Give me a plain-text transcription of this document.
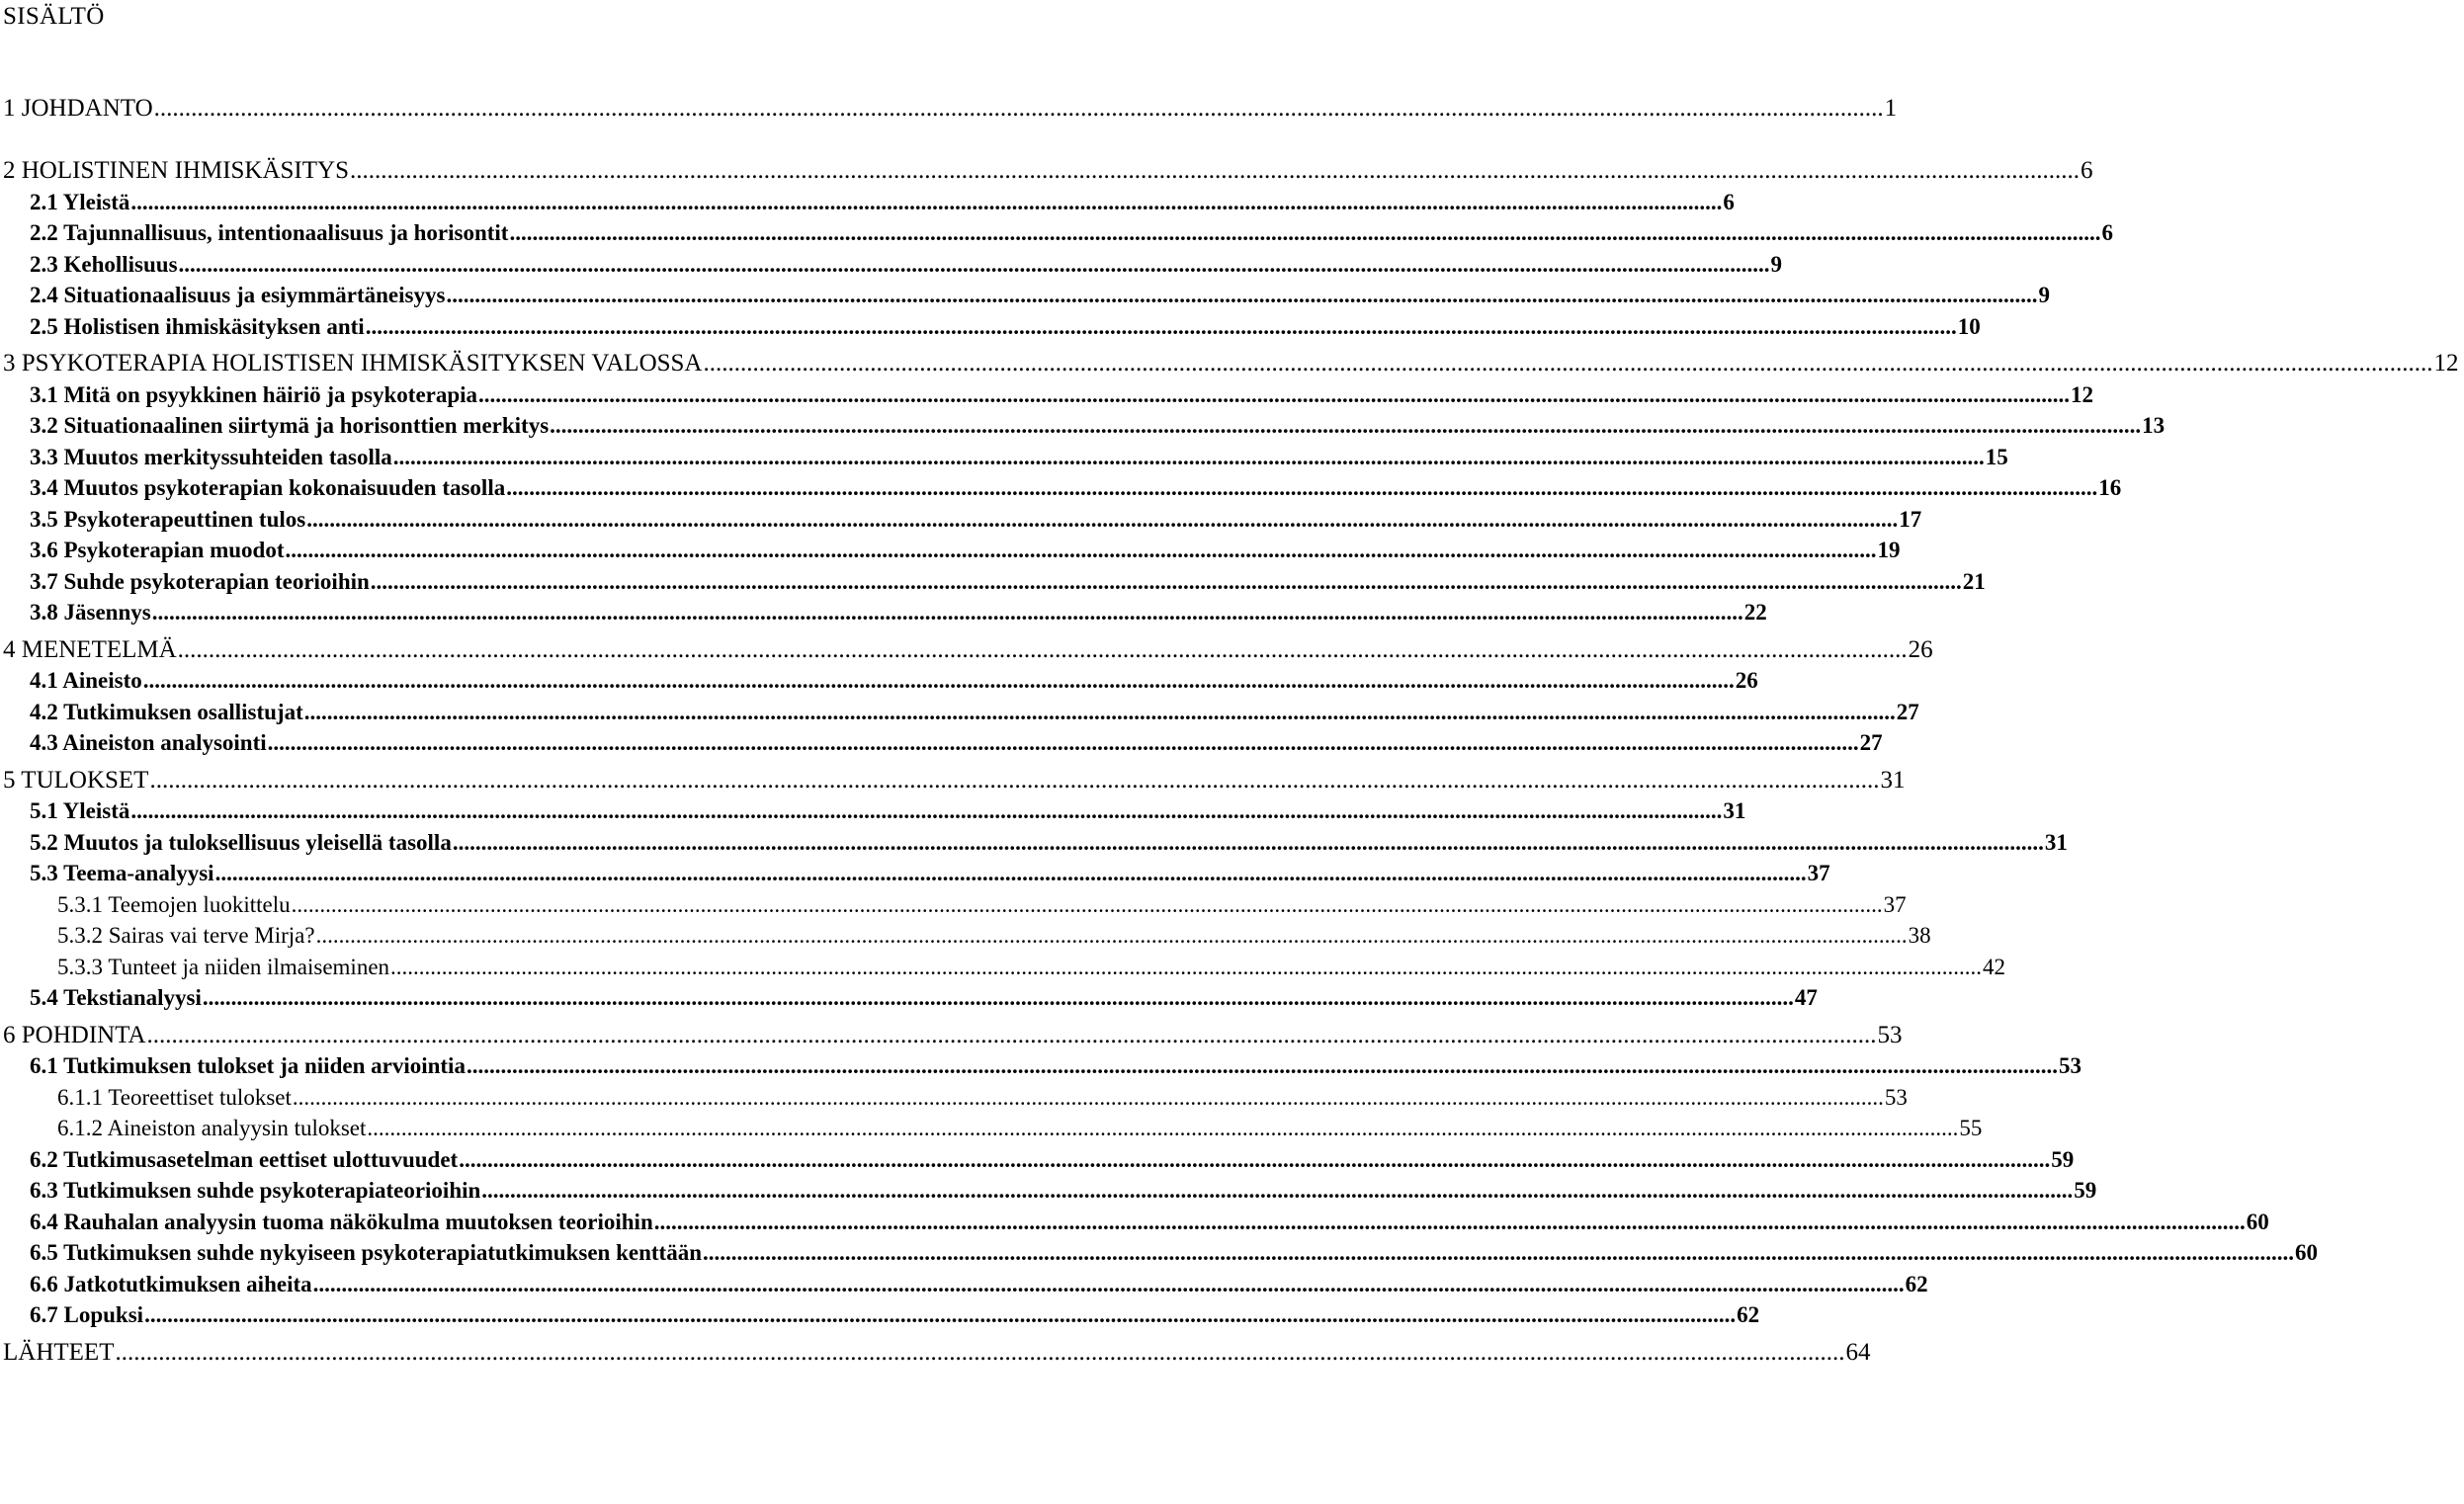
SISÄLTÖ
1 JOHDANTO ........................................................................................................................................................................................................................................................................................ 1
2 HOLISTINEN IHMISKÄSITYS ........................................................................................................................................................................................................................................................................................ 6
2.1 Yleistä ........................................................................................................................................................................................................................................................................................ 6
2.2 Tajunnallisuus, intentionaalisuus ja horisontit ........................................................................................................................................................................................................................................................................................ 6
2.3 Kehollisuus ........................................................................................................................................................................................................................................................................................ 9
2.4 Situationaalisuus ja esiymmärtäneisyys ........................................................................................................................................................................................................................................................................................ 9
2.5 Holistisen ihmiskäsityksen anti ........................................................................................................................................................................................................................................................................................ 10
3 PSYKOTERAPIA HOLISTISEN IHMISKÄSITYKSEN VALOSSA ........................................................................................................................................................................................................................................................................................ 12
3.1 Mitä on psyykkinen häiriö ja psykoterapia ........................................................................................................................................................................................................................................................................................ 12
3.2 Situationaalinen siirtymä ja horisonttien merkitys ........................................................................................................................................................................................................................................................................................ 13
3.3 Muutos merkityssuhteiden tasolla ........................................................................................................................................................................................................................................................................................ 15
3.4 Muutos psykoterapian kokonaisuuden tasolla ........................................................................................................................................................................................................................................................................................ 16
3.5 Psykoterapeuttinen tulos ........................................................................................................................................................................................................................................................................................ 17
3.6 Psykoterapian muodot ........................................................................................................................................................................................................................................................................................ 19
3.7 Suhde psykoterapian teorioihin ........................................................................................................................................................................................................................................................................................ 21
3.8 Jäsennys ........................................................................................................................................................................................................................................................................................ 22
4 MENETELMÄ ........................................................................................................................................................................................................................................................................................ 26
4.1 Aineisto ........................................................................................................................................................................................................................................................................................ 26
4.2 Tutkimuksen osallistujat ........................................................................................................................................................................................................................................................................................ 27
4.3 Aineiston analysointi ........................................................................................................................................................................................................................................................................................ 27
5 TULOKSET ........................................................................................................................................................................................................................................................................................ 31
5.1 Yleistä ........................................................................................................................................................................................................................................................................................ 31
5.2 Muutos ja tuloksellisuus yleisellä tasolla ........................................................................................................................................................................................................................................................................................ 31
5.3 Teema-analyysi ........................................................................................................................................................................................................................................................................................ 37
5.3.1 Teemojen luokittelu ........................................................................................................................................................................................................................................................................................ 37
5.3.2 Sairas vai terve Mirja? ........................................................................................................................................................................................................................................................................................ 38
5.3.3 Tunteet ja niiden ilmaiseminen ........................................................................................................................................................................................................................................................................................ 42
5.4 Tekstianalyysi ........................................................................................................................................................................................................................................................................................ 47
6 POHDINTA ........................................................................................................................................................................................................................................................................................ 53
6.1 Tutkimuksen tulokset ja niiden arviointia ........................................................................................................................................................................................................................................................................................ 53
6.1.1 Teoreettiset tulokset ........................................................................................................................................................................................................................................................................................ 53
6.1.2 Aineiston analyysin tulokset ........................................................................................................................................................................................................................................................................................ 55
6.2 Tutkimusasetelman eettiset ulottuvuudet ........................................................................................................................................................................................................................................................................................ 59
6.3 Tutkimuksen suhde psykoterapiateorioihin ........................................................................................................................................................................................................................................................................................ 59
6.4 Rauhalan analyysin tuoma näkökulma muutoksen teorioihin ........................................................................................................................................................................................................................................................................................ 60
6.5 Tutkimuksen suhde nykyiseen psykoterapiatutkimuksen kenttään ........................................................................................................................................................................................................................................................................................ 60
6.6 Jatkotutkimuksen aiheita ........................................................................................................................................................................................................................................................................................ 62
6.7 Lopuksi ........................................................................................................................................................................................................................................................................................ 62
LÄHTEET ........................................................................................................................................................................................................................................................................................ 64
